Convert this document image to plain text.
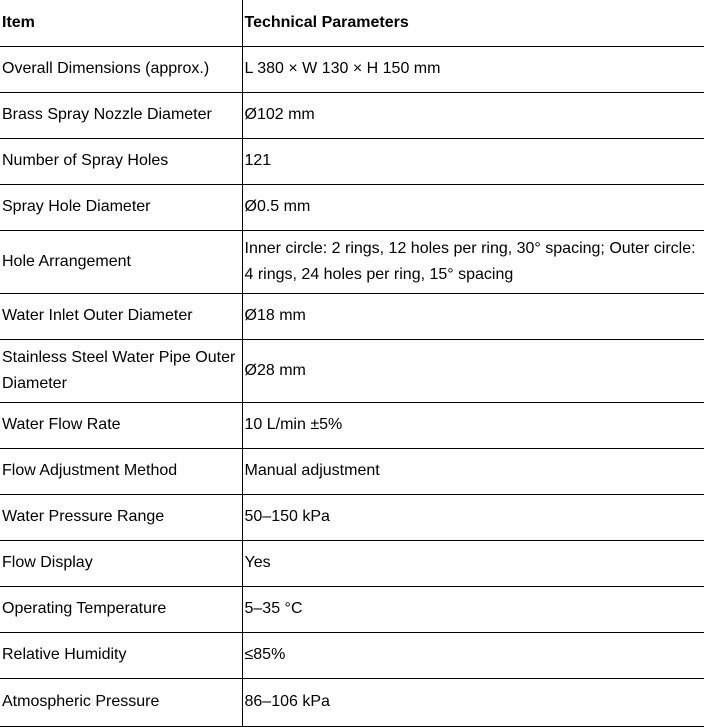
Item	Technical Parameters
Overall Dimensions (approx.)	L 380 × W 130 × H 150 mm
Brass Spray Nozzle Diameter	Ø102 mm
Number of Spray Holes	121
Spray Hole Diameter	Ø0.5 mm
Hole Arrangement	Inner circle: 2 rings, 12 holes per ring, 30° spacing; Outer circle: 4 rings, 24 holes per ring, 15° spacing
Water Inlet Outer Diameter	Ø18 mm
Stainless Steel Water Pipe Outer Diameter	Ø28 mm
Water Flow Rate	10 L/min ±5%
Flow Adjustment Method	Manual adjustment
Water Pressure Range	50–150 kPa
Flow Display	Yes
Operating Temperature	5–35 °C
Relative Humidity	≤85%
Atmospheric Pressure	86–106 kPa
